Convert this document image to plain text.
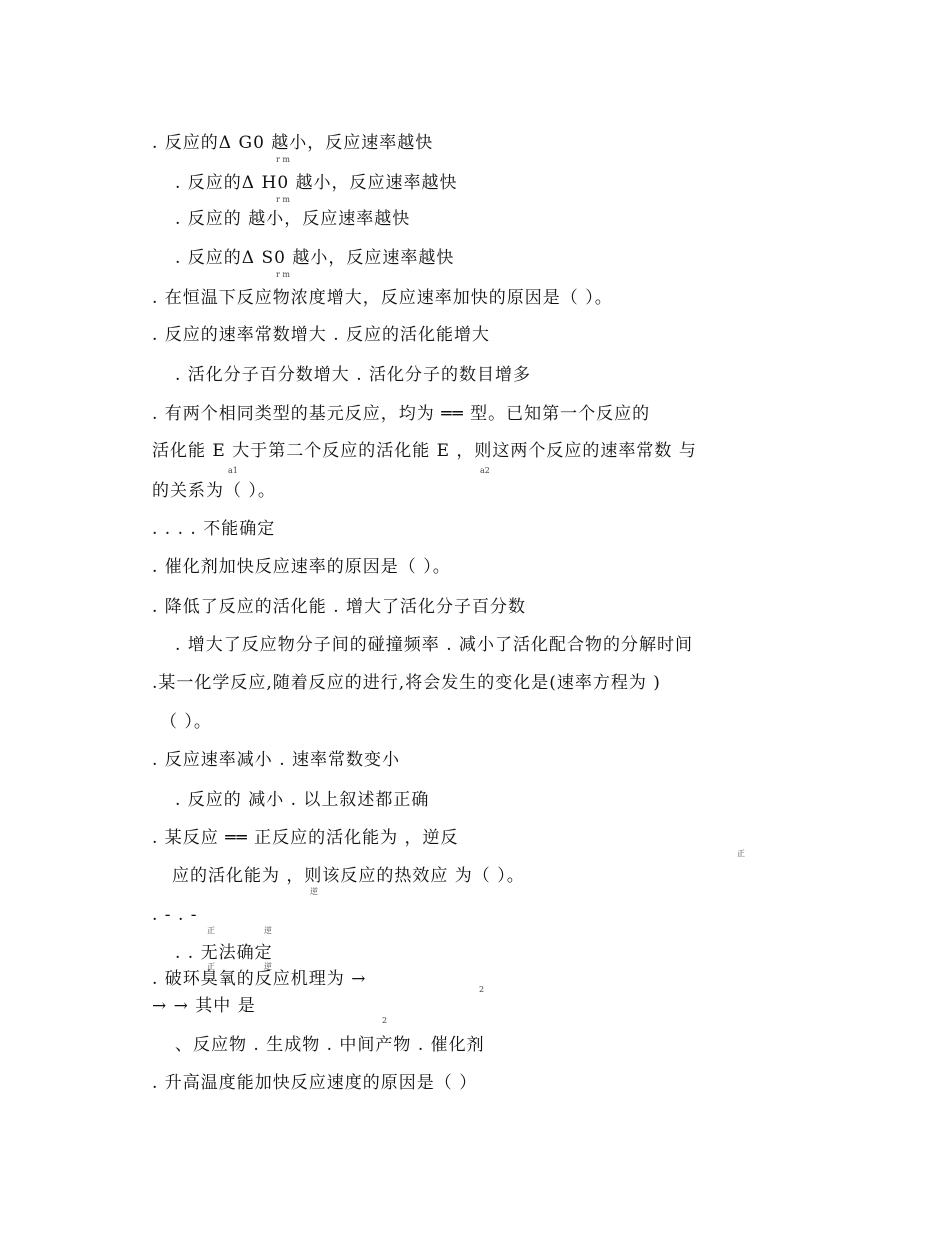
. 反应的Δ G0 越小，反应速率越快
r m
. 反应的Δ H0 越小，反应速率越快
r m
. 反应的 越小，反应速率越快
. 反应的Δ S0 越小，反应速率越快
r m
. 在恒温下反应物浓度增大，反应速率加快的原因是（ ）。
. 反应的速率常数增大 . 反应的活化能增大
. 活化分子百分数增大 . 活化分子的数目增多
. 有两个相同类型的基元反应，均为 ══ 型。已知第一个反应的
活化能 E 大于第二个反应的活化能 E ，则这两个反应的速率常数 与
a1	a2
的关系为（ ）。
. . . . 不能确定
. 催化剂加快反应速率的原因是（ ）。
. 降低了反应的活化能 . 增大了活化分子百分数
. 增大了反应物分子间的碰撞频率 . 减小了活化配合物的分解时间
.某一化学反应,随着反应的进行,将会发生的变化是(速率方程为 )
（ ）。
. 反应速率减小 . 速率常数变小
. 反应的 减小 . 以上叙述都正确
. 某反应 ══ 正反应的活化能为 ，逆反
正
应的活化能为 ，则该反应的热效应 为（ ）。
逆
. - . -
正	逆
. . 无法确定
正	逆
. 破环臭氧的反应机理为 →
2
→ → 其中 是
2
、反应物 . 生成物 . 中间产物 . 催化剂
. 升高温度能加快反应速度的原因是（ ）
